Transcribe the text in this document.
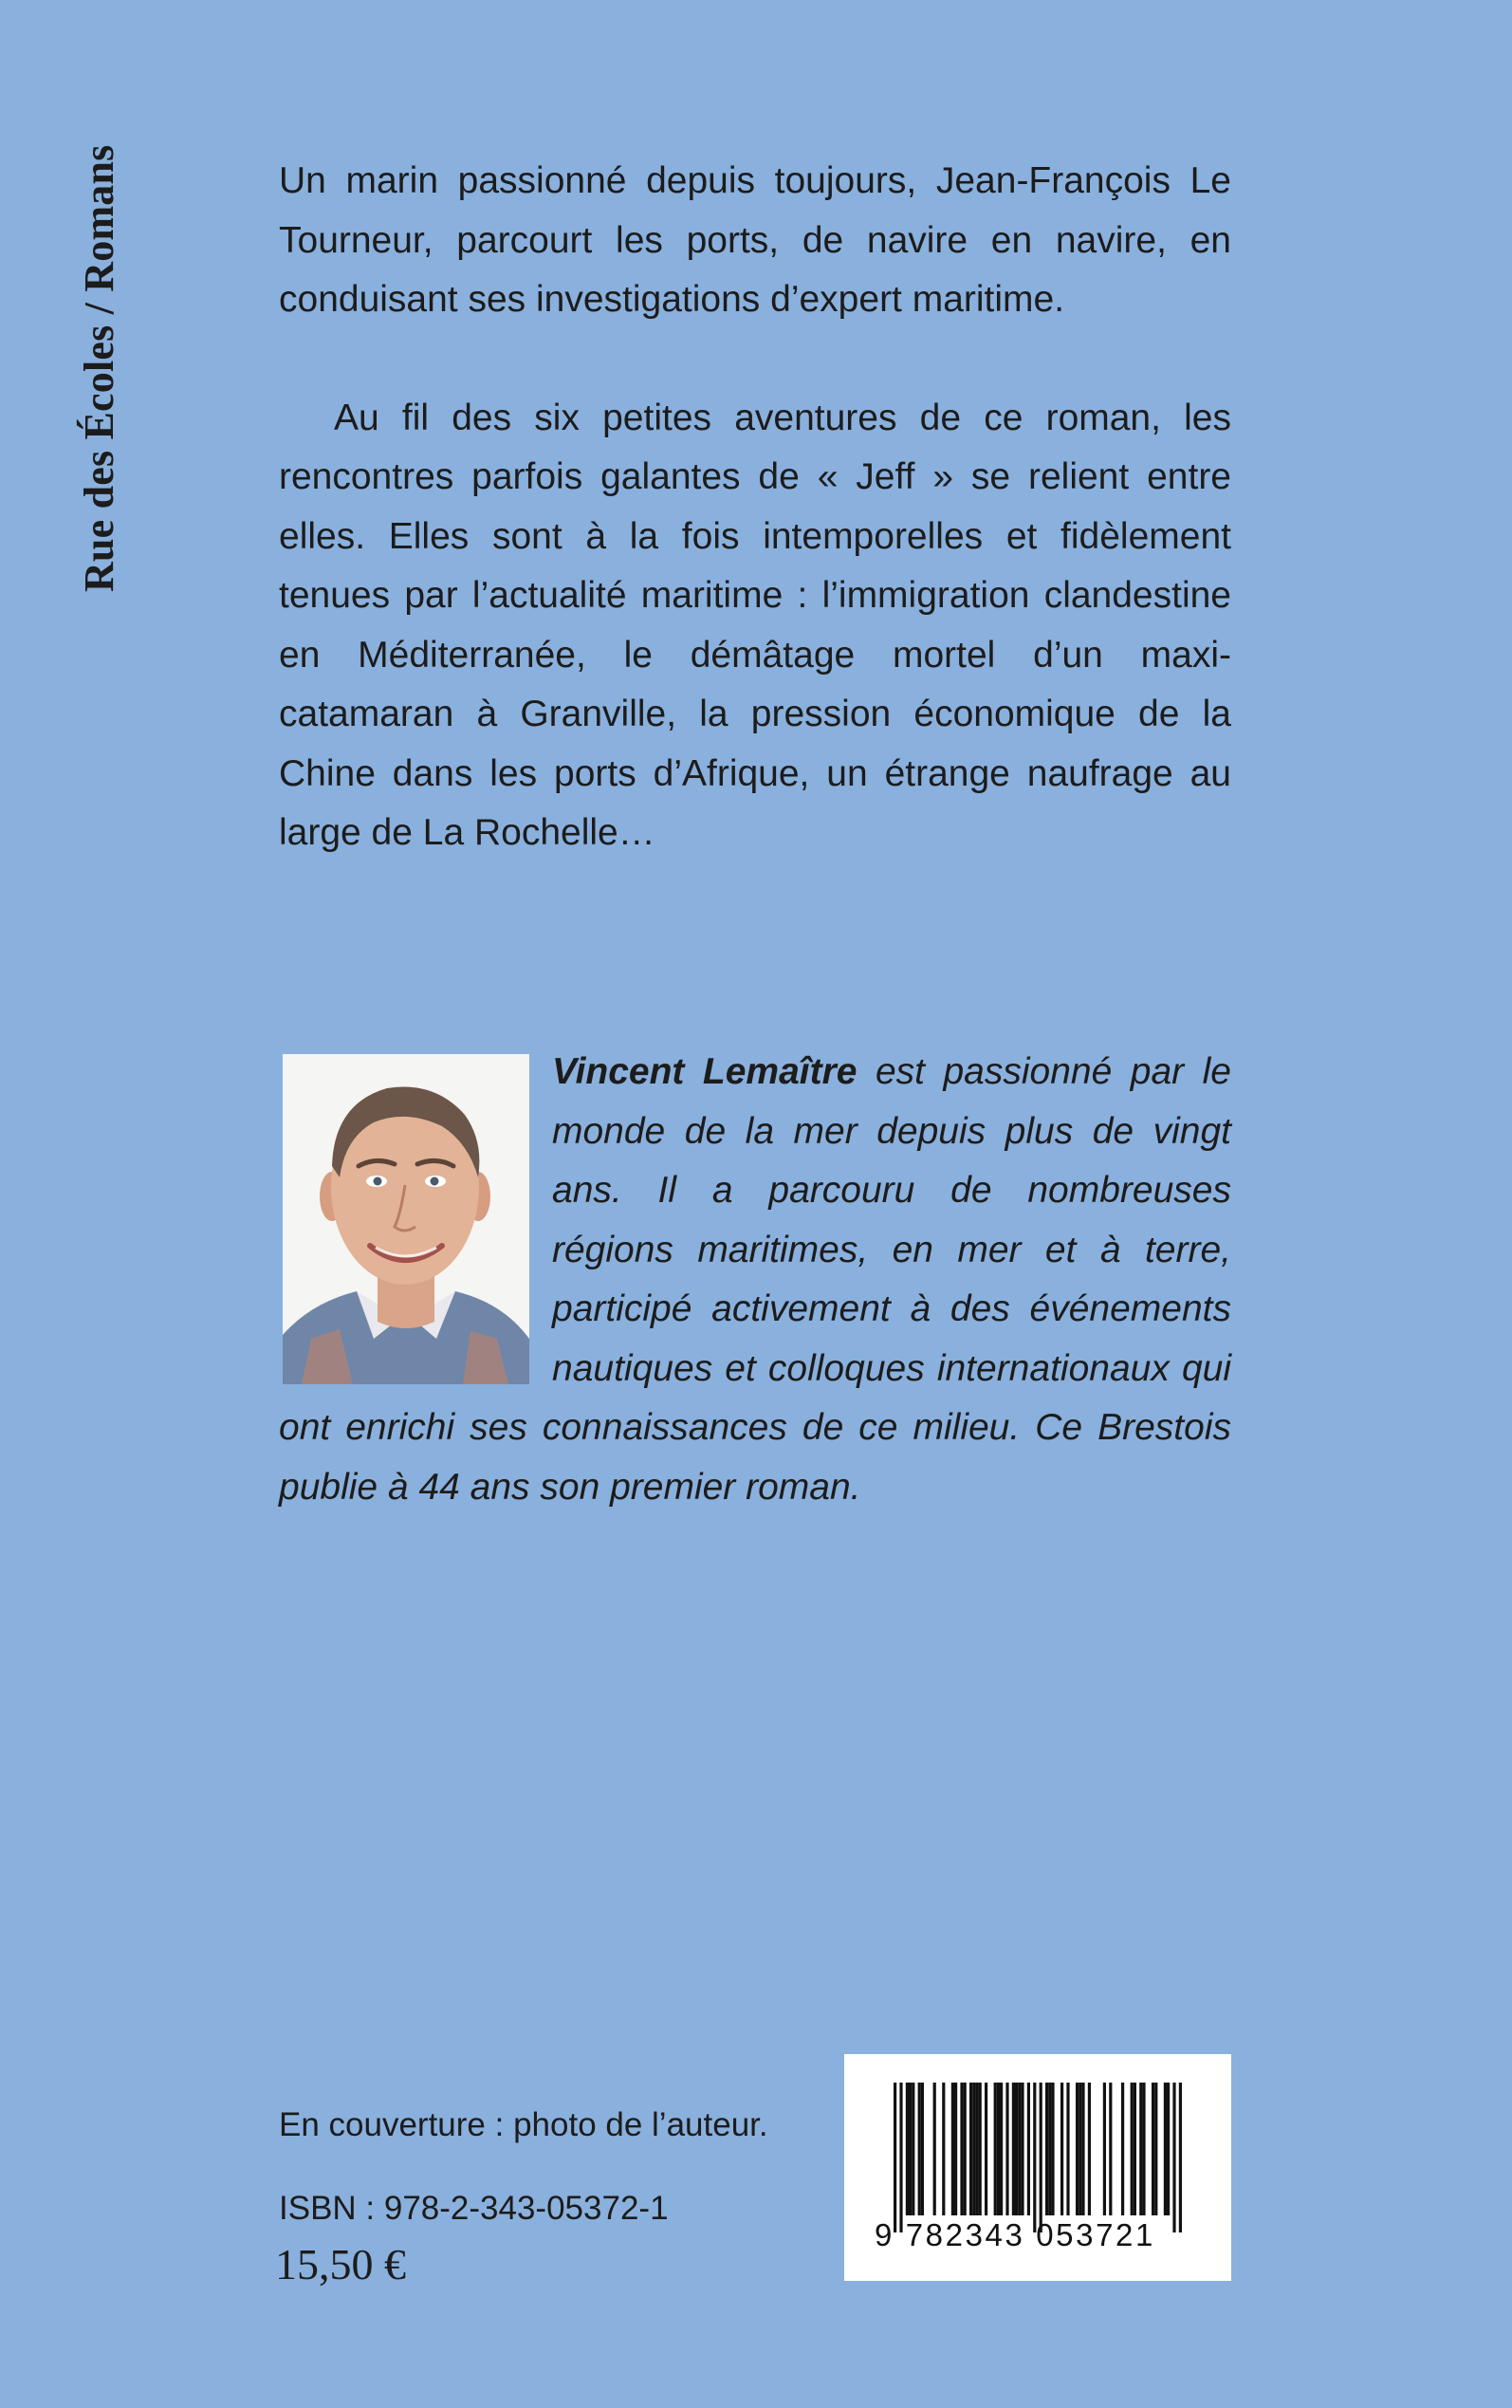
Rue des Écoles / Romans	Un marin passionné depuis toujours, Jean-François Le Tourneur, parcourt les ports, de navire en navire, en conduisant ses investigations d’expert maritime.

Au fil des six petites aventures de ce roman, les rencontres parfois galantes de « Jeff » se relient entre elles. Elles sont à la fois intemporelles et fidèlement tenues par l’actualité maritime : l’immigration clandestine en Méditerranée, le démâtage mortel d’un maxi-catamaran à Granville, la pression économique de la Chine dans les ports d’Afrique, un étrange naufrage au large de La Rochelle…

Vincent Lemaître est passionné par le monde de la mer depuis plus de vingt ans. Il a parcouru de nombreuses régions maritimes, en mer et à terre, participé activement à des événements nautiques et colloques internationaux qui ont enrichi ses connaissances de ce milieu. Ce Brestois publie à 44 ans son premier roman.
En couverture : photo de l’auteur.
ISBN : 978-2-343-05372-1
15,50 €
9 782343 053721
